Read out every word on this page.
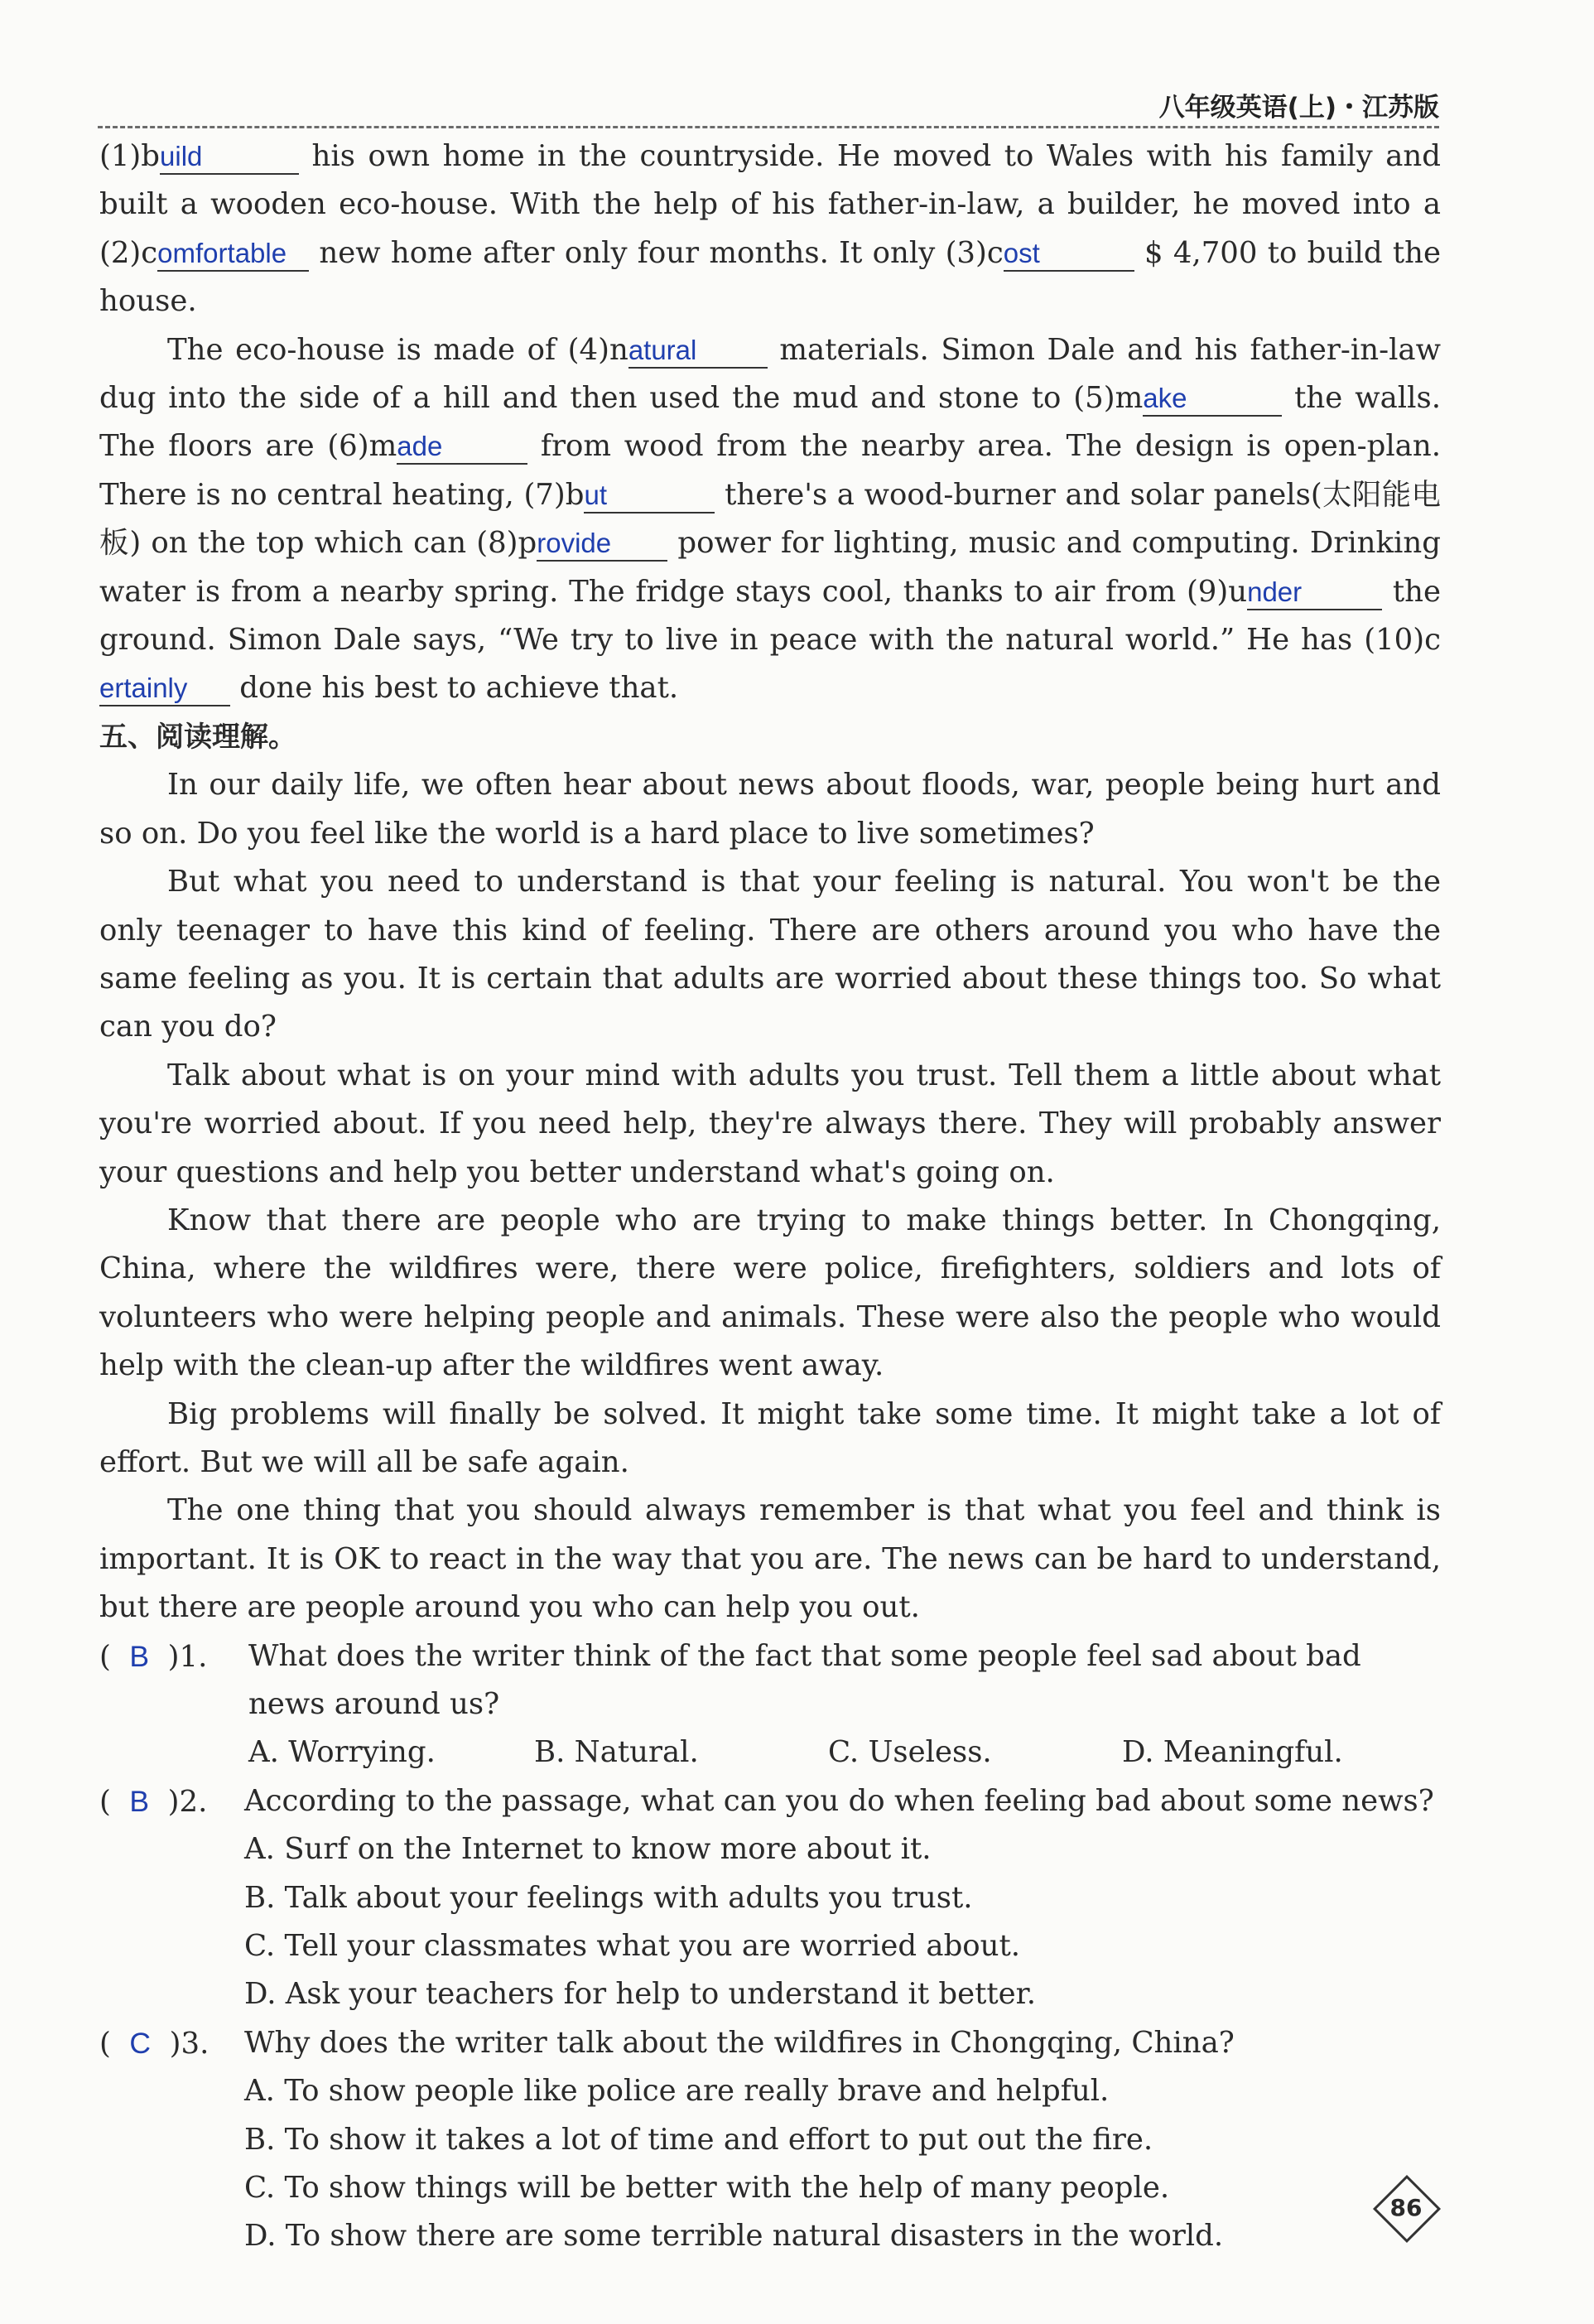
八年级英语(上)・江苏版

(1)build	his own home in the countryside. He moved to Wales with his family and built a wooden eco-house. With the help of his father-in-law, a builder, he moved into a (2)comfortable new home after only four months. It only (3)cost	$ 4,700 to build the house.

The eco-house is made of (4)natural materials. Simon Dale and his father-in-law dug into the side of a hill and then used the mud and stone to (5)make	the walls. The floors are (6)made	from wood from the nearby area. The design is open-plan. There is no central heating, (7)but	there's a wood-burner and solar panels(太阳能电板) on the top which can (8)provide power for lighting, music and computing. Drinking water is from a nearby spring. The fridge stays cool, thanks to air from (9)under	the ground. Simon Dale says, “We try to live in peace with the natural world.” He has (10)certainly done his best to achieve that.

五、阅读理解。

In our daily life, we often hear about news about floods, war, people being hurt and so on. Do you feel like the world is a hard place to live sometimes?

But what you need to understand is that your feeling is natural. You won't be the only teenager to have this kind of feeling. There are others around you who have the same feeling as you. It is certain that adults are worried about these things too. So what can you do?

Talk about what is on your mind with adults you trust. Tell them a little about what you're worried about. If you need help, they're always there. They will probably answer your questions and help you better understand what's going on.

Know that there are people who are trying to make things better. In Chongqing, China, where the wildfires were, there were police, firefighters, soldiers and lots of volunteers who were helping people and animals. These were also the people who would help with the clean-up after the wildfires went away.

Big problems will finally be solved. It might take some time. It might take a lot of effort. But we will all be safe again.

The one thing that you should always remember is that what you feel and think is important. It is OK to react in the way that you are. The news can be hard to understand, but there are people around you who can help you out.

(  B  )1. What does the writer think of the fact that some people feel sad about bad news around us?

A. Worrying.	B. Natural.	C. Useless.	D. Meaningful.

(  B  )2. According to the passage, what can you do when feeling bad about some news?

A. Surf on the Internet to know more about it.

B. Talk about your feelings with adults you trust.

C. Tell your classmates what you are worried about.

D. Ask your teachers for help to understand it better.

(  C  )3. Why does the writer talk about the wildfires in Chongqing, China?

A. To show people like police are really brave and helpful.

B. To show it takes a lot of time and effort to put out the fire.

C. To show things will be better with the help of many people.

D. To show there are some terrible natural disasters in the world.

86
